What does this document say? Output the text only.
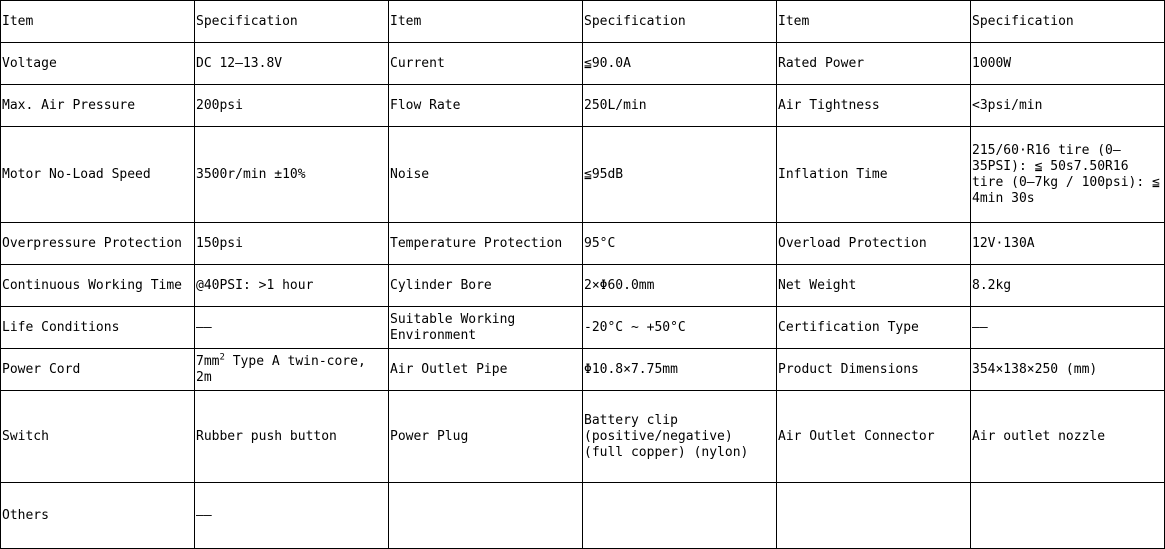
Item	Specification	Item	Specification	Item	Specification
Voltage	DC 12–13.8V	Current	≦90.0A	Rated Power	1000W
Max. Air Pressure	200psi	Flow Rate	250L/min	Air Tightness	<3psi/min
Motor No-Load Speed	3500r/min ±10%	Noise	≦95dB	Inflation Time	215/60·R16 tire (0–35PSI): ≦ 50s7.50R16 tire (0–7kg / 100psi): ≦ 4min 30s
Overpressure Protection	150psi	Temperature Protection	95°C	Overload Protection	12V·130A
Continuous Working Time	@40PSI: >1 hour	Cylinder Bore	2×Φ60.0mm	Net Weight	8.2kg
Life Conditions	——	Suitable Working Environment	-20°C ~ +50°C	Certification Type	——
Power Cord	$7mm^2$ Type A twin-core, 2m	Air Outlet Pipe	Φ10.8×7.75mm	Product Dimensions	354×138×250 (mm)
Switch	Rubber push button	Power Plug	Battery clip (positive/negative) (full copper) (nylon)	Air Outlet Connector	Air outlet nozzle
Others	——				
